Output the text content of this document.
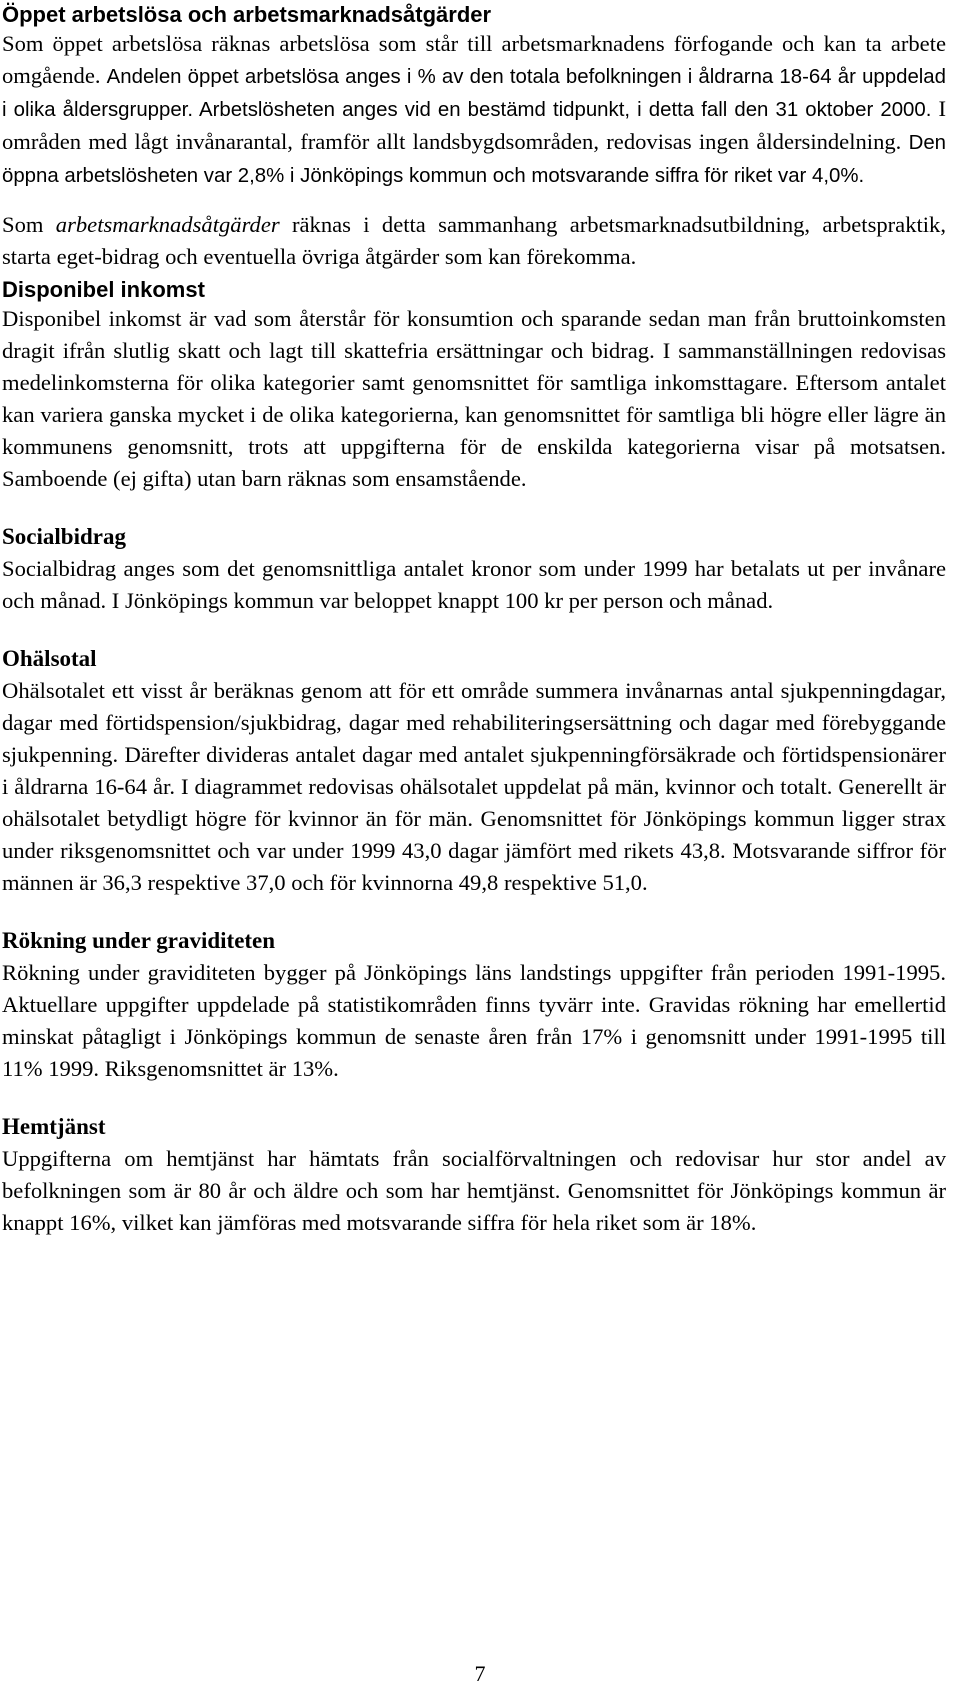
Öppet arbetslösa och arbetsmarknadsåtgärder

Som öppet arbetslösa räknas arbetslösa som står till arbetsmarknadens förfogande och kan ta arbete omgående. Andelen öppet arbetslösa anges i % av den totala befolkningen i åldrarna 18-64 år uppdelad i olika åldersgrupper. Arbetslösheten anges vid en bestämd tidpunkt, i detta fall den 31 oktober 2000. I områden med lågt invånarantal, framför allt landsbygdsområden, redovisas ingen åldersindelning. Den öppna arbetslösheten var 2,8% i Jönköpings kommun och motsvarande siffra för riket var 4,0%.

Som arbetsmarknadsåtgärder räknas i detta sammanhang arbetsmarknadsutbildning, arbetspraktik, starta eget-bidrag och eventuella övriga åtgärder som kan förekomma.

Disponibel inkomst

Disponibel inkomst är vad som återstår för konsumtion och sparande sedan man från bruttoinkomsten dragit ifrån slutlig skatt och lagt till skattefria ersättningar och bidrag. I sammanställningen redovisas medelinkomsterna för olika kategorier samt genomsnittet för samtliga inkomsttagare. Eftersom antalet kan variera ganska mycket i de olika kategorierna, kan genomsnittet för samtliga bli högre eller lägre än kommunens genomsnitt, trots att uppgifterna för de enskilda kategorierna visar på motsatsen. Samboende (ej gifta) utan barn räknas som ensamstående.

Socialbidrag

Socialbidrag anges som det genomsnittliga antalet kronor som under 1999 har betalats ut per invånare och månad. I Jönköpings kommun var beloppet knappt 100 kr per person och månad.

Ohälsotal

Ohälsotalet ett visst år beräknas genom att för ett område summera invånarnas antal sjukpenningdagar, dagar med förtidspension/sjukbidrag, dagar med rehabiliteringsersättning och dagar med förebyggande sjukpenning. Därefter divideras antalet dagar med antalet sjukpenningförsäkrade och förtidspensionärer i åldrarna 16-64 år. I diagrammet redovisas ohälsotalet uppdelat på män, kvinnor och totalt. Generellt är ohälsotalet betydligt högre för kvinnor än för män. Genomsnittet för Jönköpings kommun ligger strax under riksgenomsnittet och var under 1999 43,0 dagar jämfört med rikets 43,8. Motsvarande siffror för männen är 36,3 respektive 37,0 och för kvinnorna 49,8 respektive 51,0.

Rökning under graviditeten

Rökning under graviditeten bygger på Jönköpings läns landstings uppgifter från perioden 1991-1995. Aktuellare uppgifter uppdelade på statistikområden finns tyvärr inte. Gravidas rökning har emellertid minskat påtagligt i Jönköpings kommun de senaste åren från 17% i genomsnitt under 1991-1995 till 11% 1999. Riksgenomsnittet är 13%.

Hemtjänst

Uppgifterna om hemtjänst har hämtats från socialförvaltningen och redovisar hur stor andel av befolkningen som är 80 år och äldre och som har hemtjänst. Genomsnittet för Jönköpings kommun är knappt 16%, vilket kan jämföras med motsvarande siffra för hela riket som är 18%.

7
